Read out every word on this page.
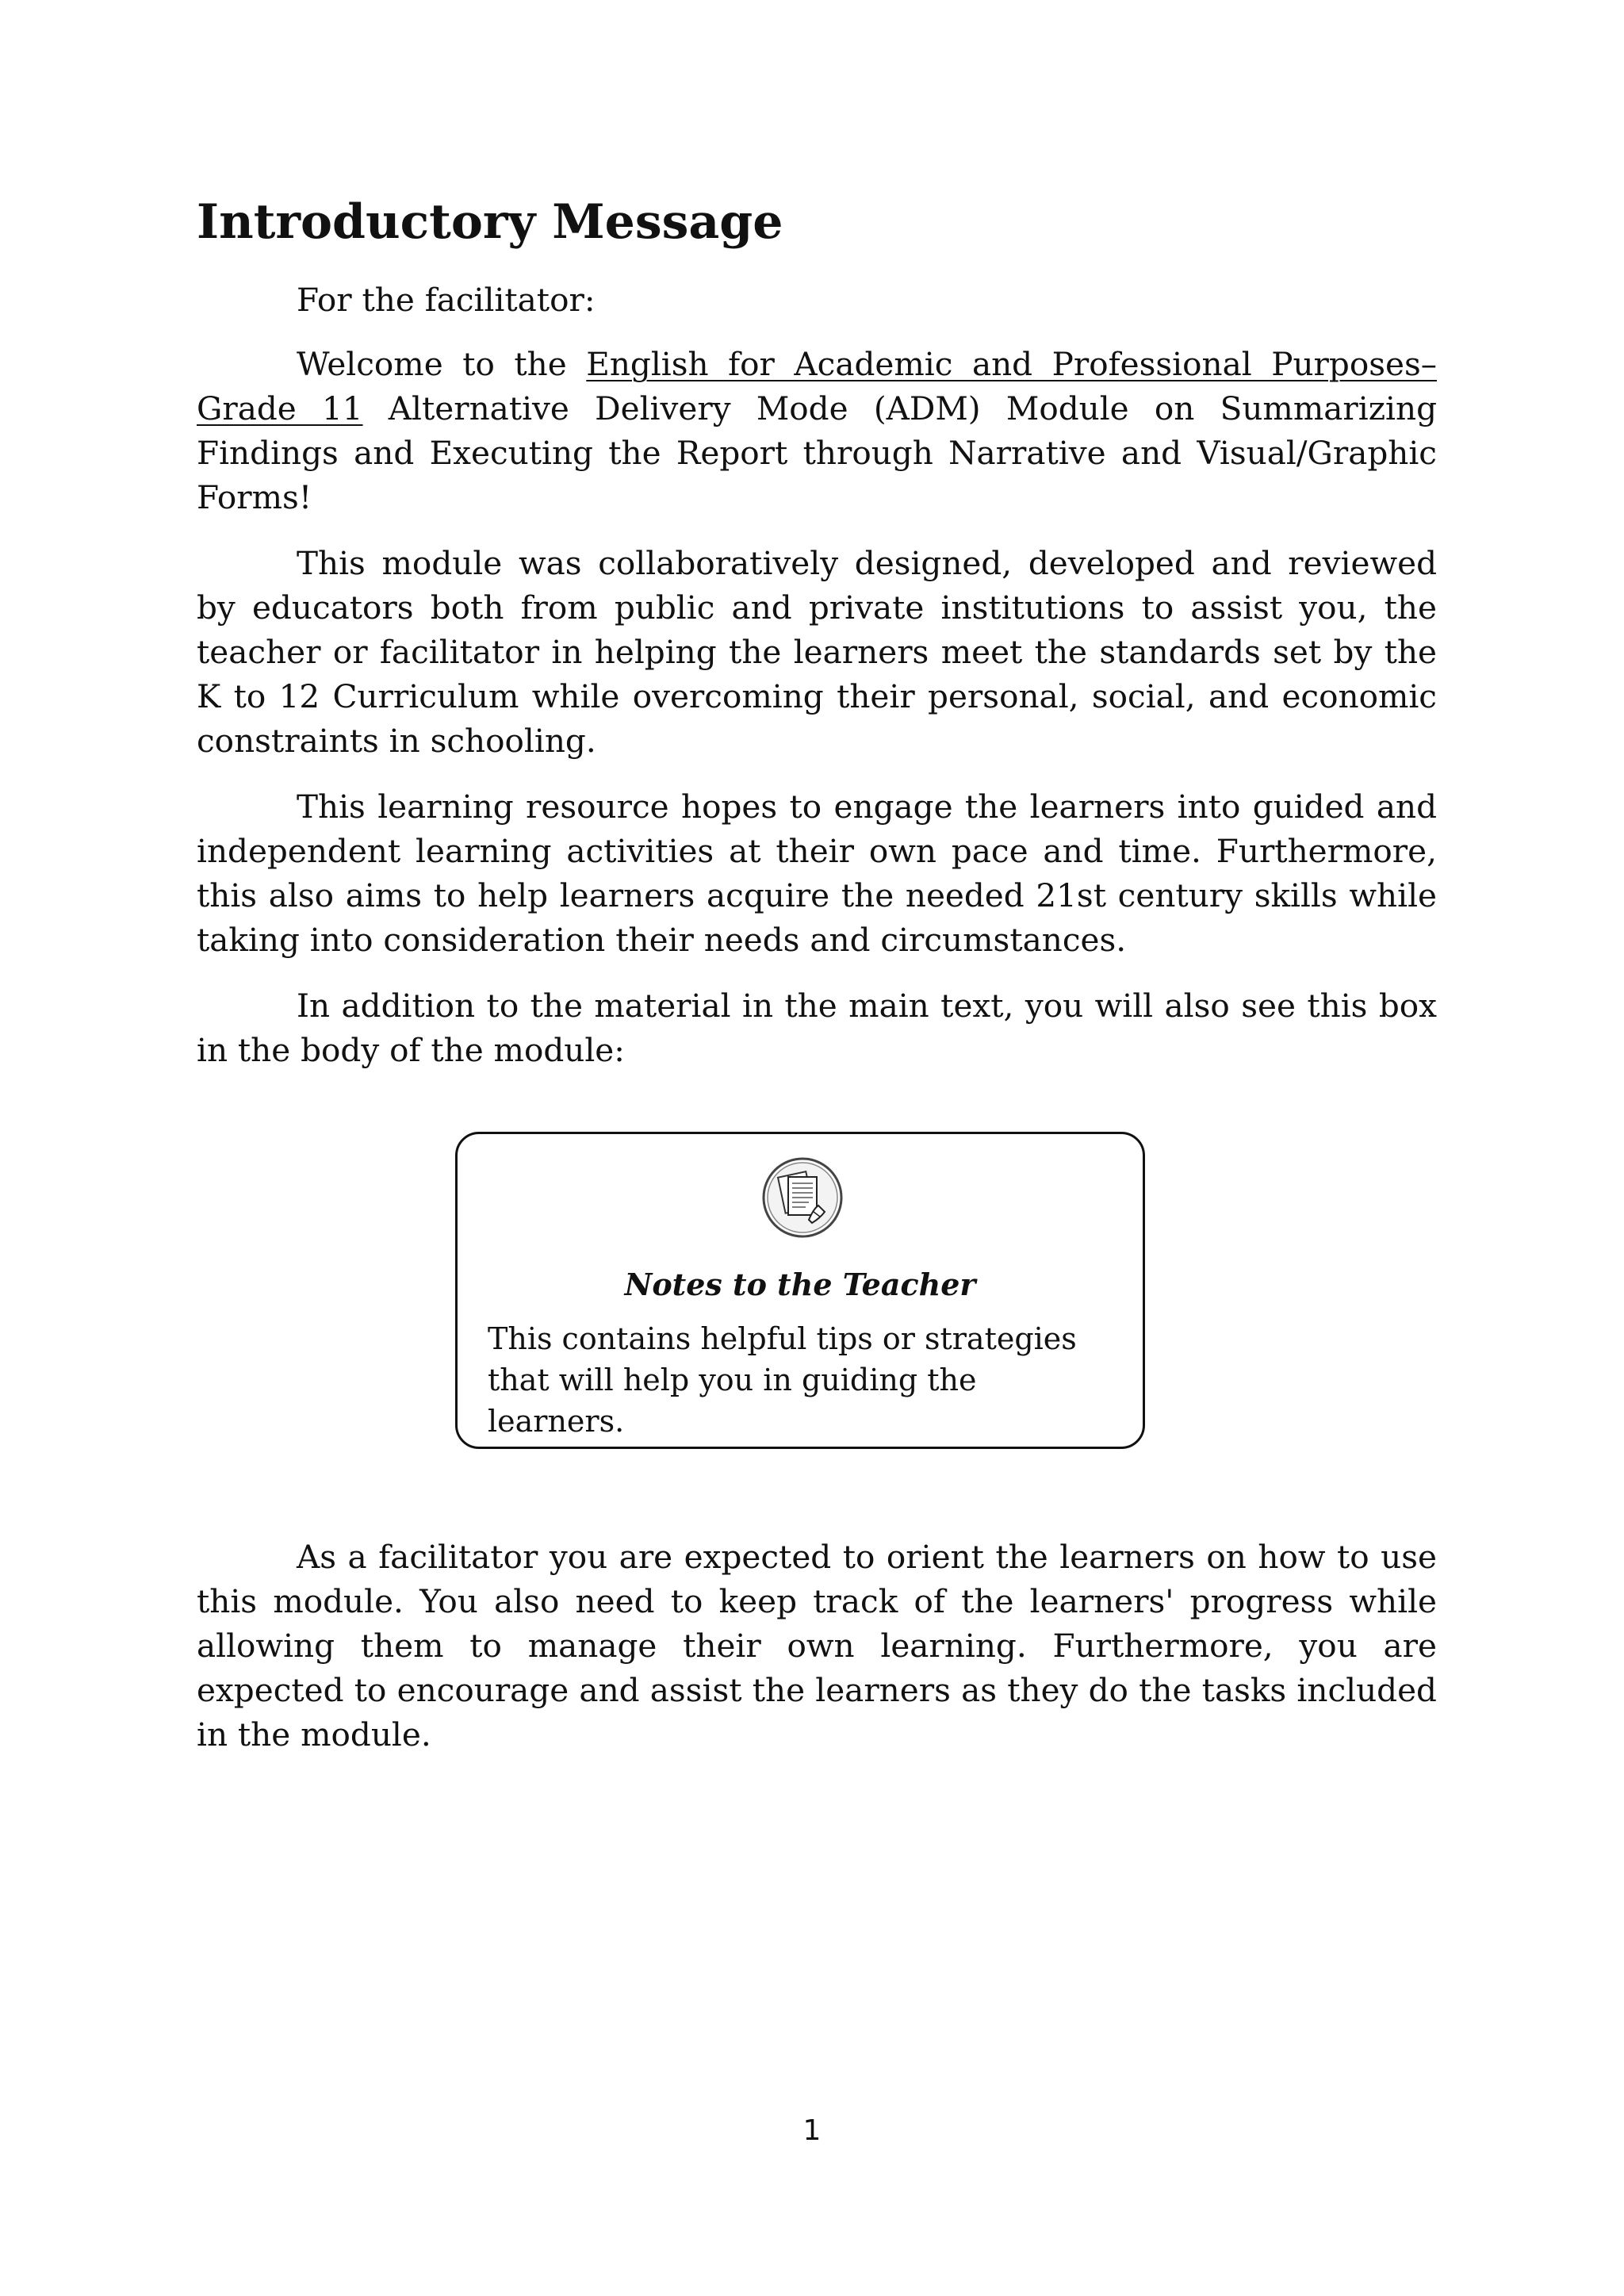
Introductory Message

For the facilitator:

Welcome to the English for Academic and Professional Purposes– Grade 11 Alternative Delivery Mode (ADM) Module on Summarizing Findings and Executing the Report through Narrative and Visual/Graphic Forms!

This module was collaboratively designed, developed and reviewed by educators both from public and private institutions to assist you, the teacher or facilitator in helping the learners meet the standards set by the K to 12 Curriculum while overcoming their personal, social, and economic constraints in schooling.

This learning resource hopes to engage the learners into guided and independent learning activities at their own pace and time. Furthermore, this also aims to help learners acquire the needed 21st century skills while taking into consideration their needs and circumstances.

In addition to the material in the main text, you will also see this box in the body of the module:

Notes to the Teacher

This contains helpful tips or strategies that will help you in guiding the learners.

As a facilitator you are expected to orient the learners on how to use this module. You also need to keep track of the learners' progress while allowing them to manage their own learning. Furthermore, you are expected to encourage and assist the learners as they do the tasks included in the module.

1
